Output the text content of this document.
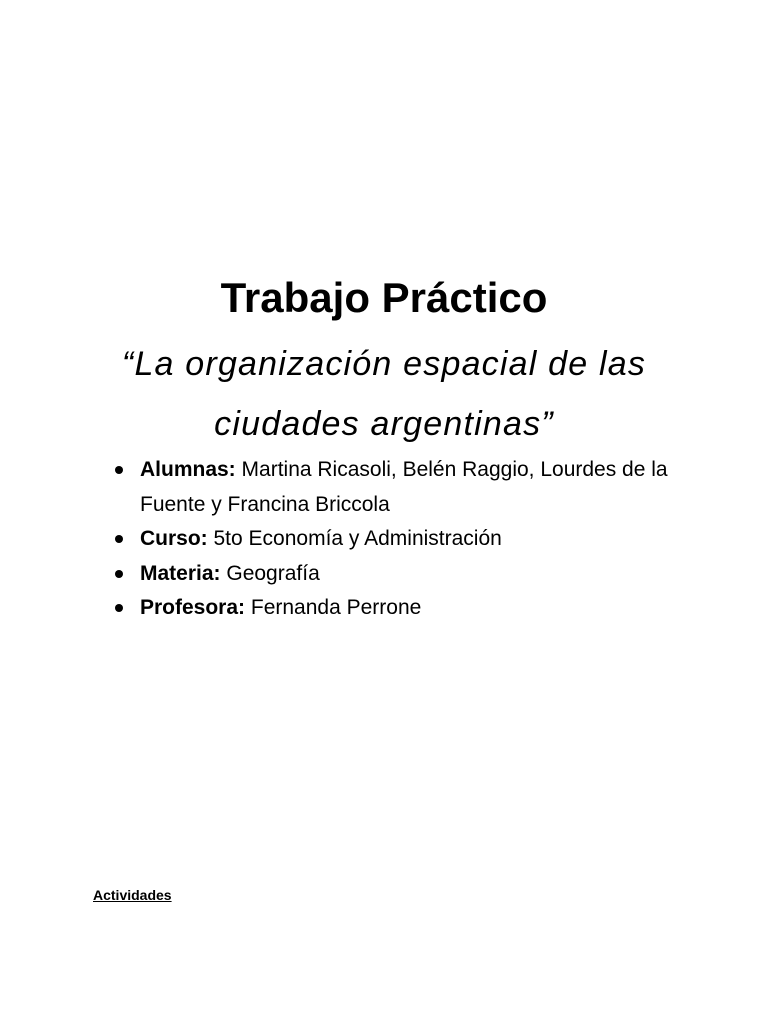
Trabajo Práctico
“La organización espacial de las
ciudades argentinas”
Alumnas: Martina Ricasoli, Belén Raggio, Lourdes de la Fuente y Francina Briccola
Curso: 5to Economía y Administración
Materia: Geografía
Profesora: Fernanda Perrone
Actividades
